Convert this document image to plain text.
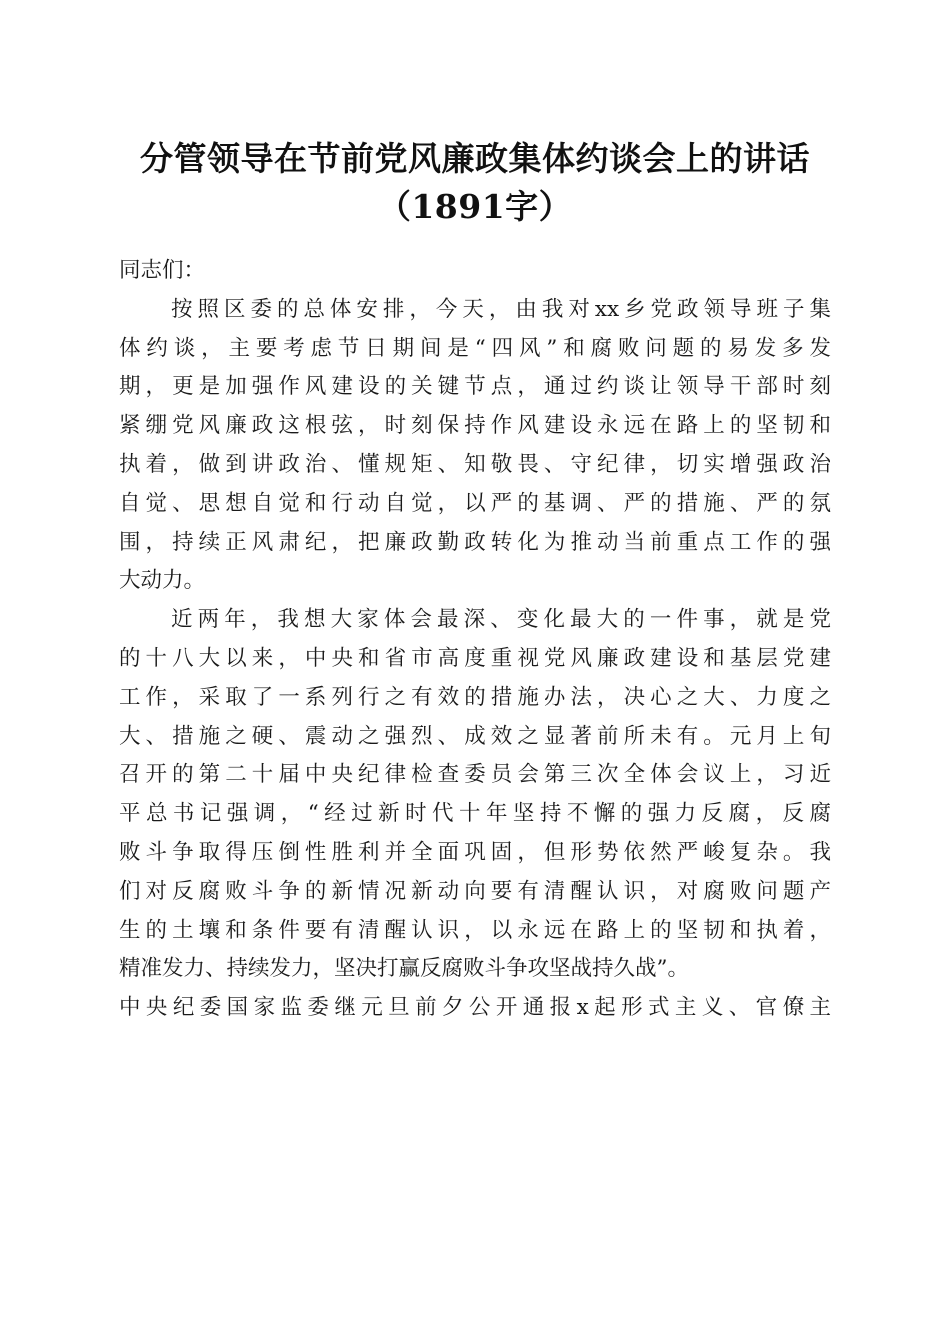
分管领导在节前党风廉政集体约谈会上的讲话
（1891字）

同志们：

按照区委的总体安排，今天，由我对xx乡党政领导班子集
体约谈，主要考虑节日期间是“四风”和腐败问题的易发多发
期，更是加强作风建设的关键节点，通过约谈让领导干部时刻
紧绷党风廉政这根弦，时刻保持作风建设永远在路上的坚韧和
执着，做到讲政治、懂规矩、知敬畏、守纪律，切实增强政治
自觉、思想自觉和行动自觉，以严的基调、严的措施、严的氛
围，持续正风肃纪，把廉政勤政转化为推动当前重点工作的强
大动力。

近两年，我想大家体会最深、变化最大的一件事，就是党
的十八大以来，中央和省市高度重视党风廉政建设和基层党建
工作，采取了一系列行之有效的措施办法，决心之大、力度之
大、措施之硬、震动之强烈、成效之显著前所未有。元月上旬
召开的第二十届中央纪律检查委员会第三次全体会议上，习近
平总书记强调，“经过新时代十年坚持不懈的强力反腐，反腐
败斗争取得压倒性胜利并全面巩固，但形势依然严峻复杂。我
们对反腐败斗争的新情况新动向要有清醒认识，对腐败问题产
生的土壤和条件要有清醒认识，以永远在路上的坚韧和执着，
精准发力、持续发力，坚决打赢反腐败斗争攻坚战持久战”。
中央纪委国家监委继元旦前夕公开通报x起形式主义、官僚主
